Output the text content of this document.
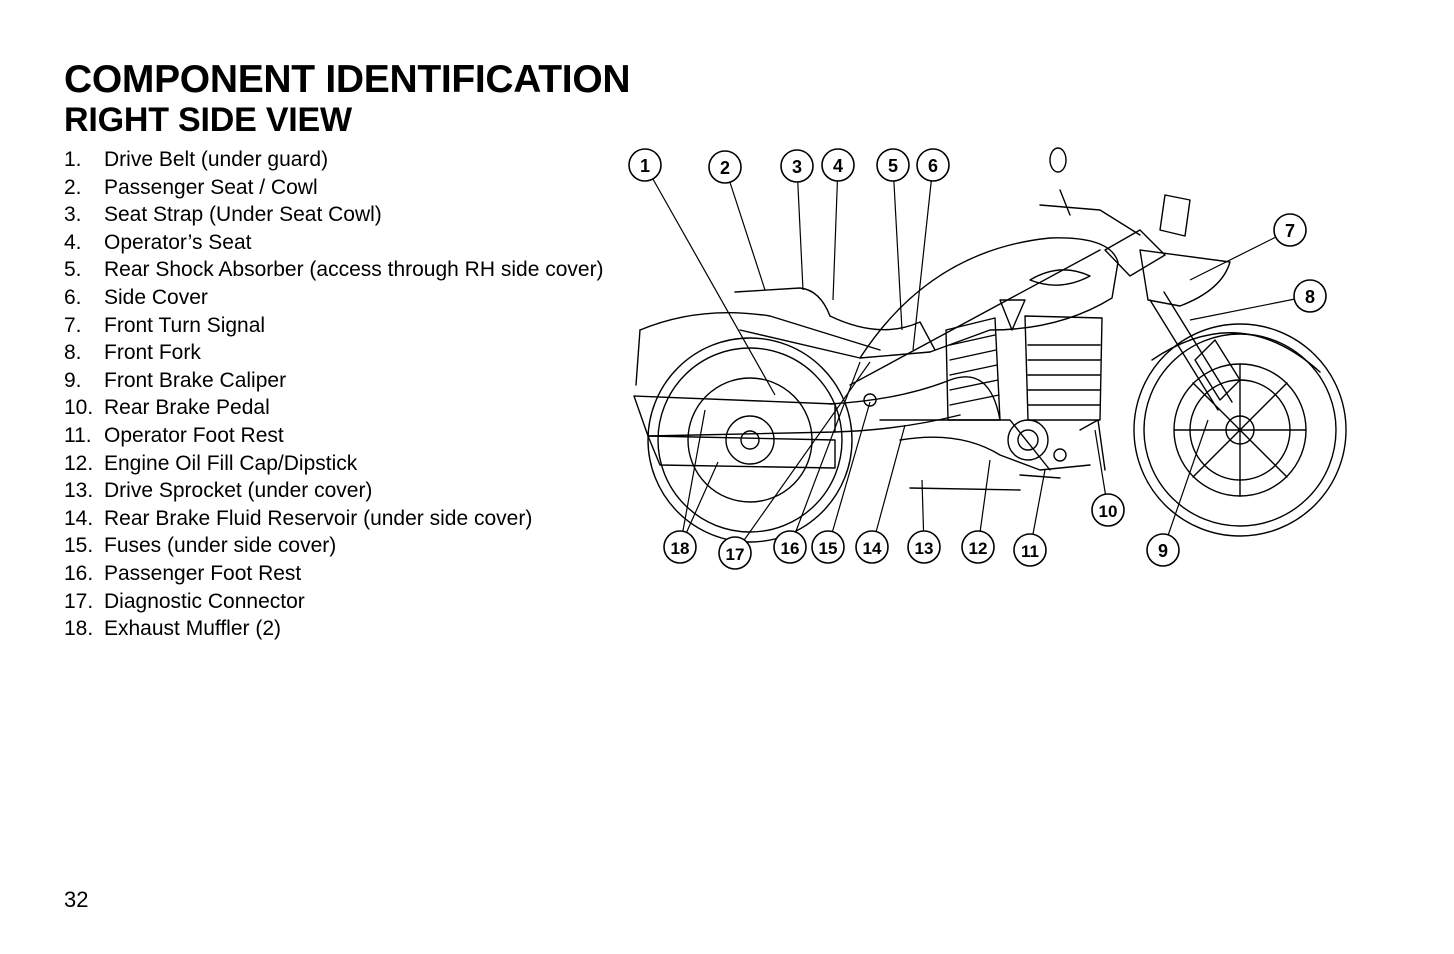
COMPONENT IDENTIFICATION
RIGHT SIDE VIEW
1.	Drive Belt (under guard)
2.	Passenger Seat / Cowl
3.	Seat Strap (Under Seat Cowl)
4.	Operator’s Seat
5.	Rear Shock Absorber (access through RH side cover)
6.	Side Cover
7.	Front Turn Signal
8.	Front Fork
9.	Front Brake Caliper
10. Rear Brake Pedal
11. Operator Foot Rest
12. Engine Oil Fill Cap/Dipstick
13. Drive Sprocket (under cover)
14. Rear Brake Fluid Reservoir (under side cover)
15. Fuses (under side cover)
16. Passenger Foot Rest
17. Diagnostic Connector
18. Exhaust Muffler (2)
1	2	3 4 5 6
7
8
9
10
11
12
13
14
15
16
17
18
32
